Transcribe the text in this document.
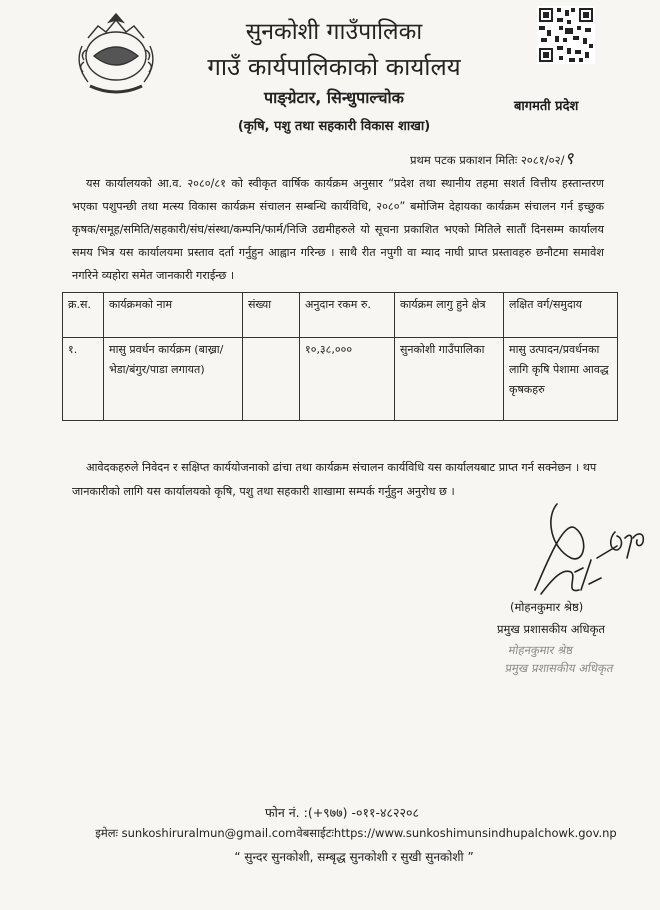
सुनकोशी गाउँपालिका
गाउँ कार्यपालिकाको कार्यालय
पाङ्ग्रेटार, सिन्धुपाल्चोक
(कृषि, पशु तथा सहकारी विकास शाखा)
बागमती प्रदेश
प्रथम पटक प्रकाशन मितिः २०८१/०२/९
यस कार्यालयको आ.व. २०८०/८१ को स्वीकृत वार्षिक कार्यक्रम अनुसार “प्रदेश तथा स्थानीय तहमा सशर्त वित्तीय हस्तान्तरण भएका पशुपन्छी तथा मत्स्य विकास कार्यक्रम संचालन सम्बन्धि कार्यविधि, २०८०” बमोजिम देहायका कार्यक्रम संचालन गर्न इच्छुक कृषक/समूह/समिति/सहकारी/संघ/संस्था/कम्पनि/फार्म/निजि उद्यमीहरुले यो सूचना प्रकाशित भएको मितिले सातौं दिनसम्म कार्यालय समय भित्र यस कार्यालयमा प्रस्ताव दर्ता गर्नुहुन आह्वान गरिन्छ । साथै रीत नपुगी वा म्याद नाघी प्राप्त प्रस्तावहरु छनौटमा समावेश नगरिने व्यहोरा समेत जानकारी गराईन्छ ।
क्र.स.	कार्यक्रमको नाम	संख्या	अनुदान रकम रु.	कार्यक्रम लागु हुने क्षेत्र	लक्षित वर्ग/समुदाय
१.	मासु प्रवर्धन कार्यक्रम (बाख्रा/भेडा/बंगुर/पाडा लगायत)		१०,३८,०००	सुनकोशी गाउँपालिका	मासु उत्पादन/प्रवर्धनका लागि कृषि पेशामा आवद्ध कृषकहरु
आवेदकहरुले निवेदन र सक्षिप्त कार्ययोजनाको ढांचा तथा कार्यक्रम संचालन कार्यविधि यस कार्यालयबाट प्राप्त गर्न सक्नेछन । थप जानकारीको लागि यस कार्यालयको कृषि, पशु तथा सहकारी शाखामा सम्पर्क गर्नुहुन अनुरोध छ ।
(मोहनकुमार श्रेष्ठ)
प्रमुख प्रशासकीय अधिकृत
मोहनकुमार श्रेष्ठ
प्रमुख प्रशासकीय अधिकृत
फोन नं. :(+९७७) -०११-४८२२०८
इमेलः sunkoshiruralmun@gmail.comवेबसाईटःhttps://www.sunkoshimunsindhupalchowk.gov.np
“ सुन्दर सुनकोशी, सम्बृद्ध सुनकोशी र सुखी सुनकोशी ”
